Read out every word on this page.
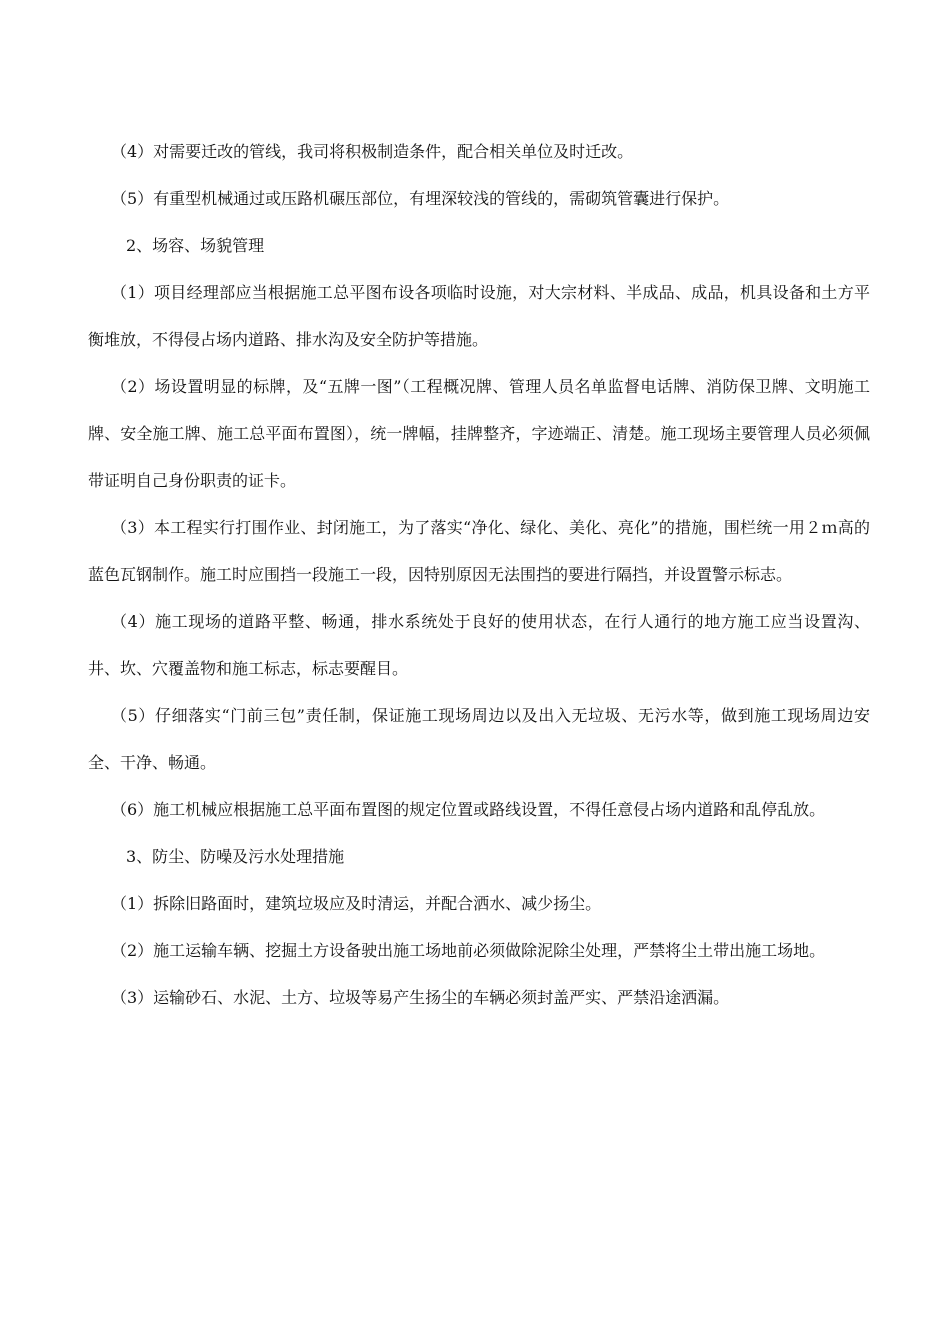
（4）对需要迁改的管线，我司将积极制造条件，配合相关单位及时迁改。

（5）有重型机械通过或压路机碾压部位，有埋深较浅的管线的，需砌筑管囊进行保护。

2、场容、场貌管理

（1）项目经理部应当根据施工总平图布设各项临时设施，对大宗材料、半成品、成品，机具设备和土方平衡堆放，不得侵占场内道路、排水沟及安全防护等措施。

（2）场设置明显的标牌，及“五牌一图”（工程概况牌、管理人员名单监督电话牌、消防保卫牌、文明施工牌、安全施工牌、施工总平面布置图），统一牌幅，挂牌整齐，字迹端正、清楚。施工现场主要管理人员必须佩带证明自己身份职责的证卡。

（3）本工程实行打围作业、封闭施工，为了落实“净化、绿化、美化、亮化”的措施，围栏统一用２ｍ高的蓝色瓦钢制作。施工时应围挡一段施工一段，因特别原因无法围挡的要进行隔挡，并设置警示标志。

（4）施工现场的道路平整、畅通，排水系统处于良好的使用状态，在行人通行的地方施工应当设置沟、井、坎、穴覆盖物和施工标志，标志要醒目。

（5）仔细落实“门前三包”责任制，保证施工现场周边以及出入无垃圾、无污水等，做到施工现场周边安全、干净、畅通。

（6）施工机械应根据施工总平面布置图的规定位置或路线设置，不得任意侵占场内道路和乱停乱放。

3、防尘、防噪及污水处理措施

（1）拆除旧路面时，建筑垃圾应及时清运，并配合洒水、减少扬尘。

（2）施工运输车辆、挖掘土方设备驶出施工场地前必须做除泥除尘处理，严禁将尘土带出施工场地。

（3）运输砂石、水泥、土方、垃圾等易产生扬尘的车辆必须封盖严实、严禁沿途洒漏。
